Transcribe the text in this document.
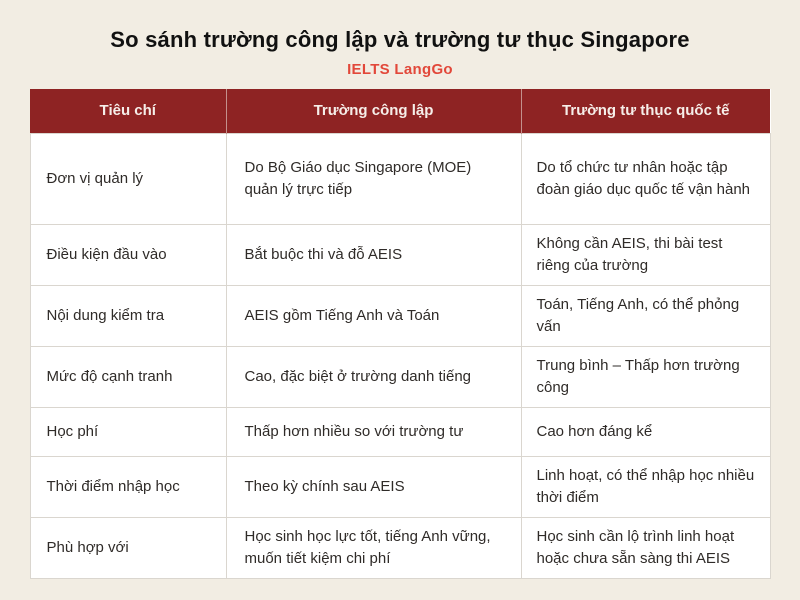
So sánh trường công lập và trường tư thục Singapore
IELTS LangGo
Tiêu chí	Trường công lập	Trường tư thục quốc tế
Đơn vị quản lý	Do Bộ Giáo dục Singapore (MOE) quản lý trực tiếp	Do tổ chức tư nhân hoặc tập đoàn giáo dục quốc tế vận hành
Điều kiện đầu vào	Bắt buộc thi và đỗ AEIS	Không cần AEIS, thi bài test riêng của trường
Nội dung kiểm tra	AEIS gồm Tiếng Anh và Toán	Toán, Tiếng Anh, có thể phỏng vấn
Mức độ cạnh tranh	Cao, đặc biệt ở trường danh tiếng	Trung bình – Thấp hơn trường công
Học phí	Thấp hơn nhiều so với trường tư	Cao hơn đáng kể
Thời điểm nhập học	Theo kỳ chính sau AEIS	Linh hoạt, có thể nhập học nhiều thời điểm
Phù hợp với	Học sinh học lực tốt, tiếng Anh vững, muốn tiết kiệm chi phí	Học sinh cần lộ trình linh hoạt hoặc chưa sẵn sàng thi AEIS
